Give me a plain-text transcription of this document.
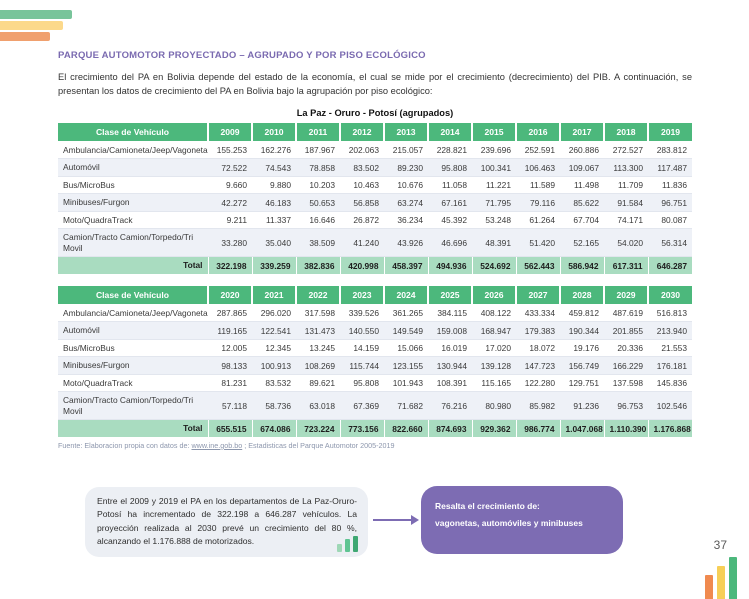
PARQUE AUTOMOTOR PROYECTADO – AGRUPADO Y POR PISO ECOLÓGICO
El crecimiento del PA en Bolivia depende del estado de la economía, el cual se mide por el crecimiento (decrecimiento) del PIB. A continuación, se presentan los datos de crecimiento del PA en Bolivia bajo la agrupación por piso ecológico:
La Paz - Oruro - Potosí (agrupados)
Clase de Vehículo	2009	2010	2011	2012	2013	2014	2015	2016	2017	2018	2019
Ambulancia/Camioneta/Jeep/Vagoneta	155.253	162.276	187.967	202.063	215.057	228.821	239.696	252.591	260.886	272.527	283.812
Automóvil	72.522	74.543	78.858	83.502	89.230	95.808	100.341	106.463	109.067	113.300	117.487
Bus/MicroBus	9.660	9.880	10.203	10.463	10.676	11.058	11.221	11.589	11.498	11.709	11.836
Minibuses/Furgon	42.272	46.183	50.653	56.858	63.274	67.161	71.795	79.116	85.622	91.584	96.751
Moto/QuadraTrack	9.211	11.337	16.646	26.872	36.234	45.392	53.248	61.264	67.704	74.171	80.087
Camion/Tracto Camion/Torpedo/Tri Movil	33.280	35.040	38.509	41.240	43.926	46.696	48.391	51.420	52.165	54.020	56.314
Total	322.198	339.259	382.836	420.998	458.397	494.936	524.692	562.443	586.942	617.311	646.287
Clase de Vehículo	2020	2021	2022	2023	2024	2025	2026	2027	2028	2029	2030
Ambulancia/Camioneta/Jeep/Vagoneta	287.865	296.020	317.598	339.526	361.265	384.115	408.122	433.334	459.812	487.619	516.813
Automóvil	119.165	122.541	131.473	140.550	149.549	159.008	168.947	179.383	190.344	201.855	213.940
Bus/MicroBus	12.005	12.345	13.245	14.159	15.066	16.019	17.020	18.072	19.176	20.336	21.553
Minibuses/Furgon	98.133	100.913	108.269	115.744	123.155	130.944	139.128	147.723	156.749	166.229	176.181
Moto/QuadraTrack	81.231	83.532	89.621	95.808	101.943	108.391	115.165	122.280	129.751	137.598	145.836
Camion/Tracto Camion/Torpedo/Tri Movil	57.118	58.736	63.018	67.369	71.682	76.216	80.980	85.982	91.236	96.753	102.546
Total	655.515	674.086	723.224	773.156	822.660	874.693	929.362	986.774	1.047.068	1.110.390	1.176.868
Fuente: Elaboracion propia con datos de: www.ine.gob.bo ; Estadisticas del Parque Automotor 2005-2019
Entre el 2009 y 2019 el PA en los departamentos de La Paz-Oruro-Potosí ha incrementado de 322.198 a 646.287 vehículos. La proyección realizada al 2030 prevé un crecimiento del 80 %, alcanzando el 1.176.888 de motorizados.
Resalta el crecimiento de:
vagonetas, automóviles y minibuses
37
